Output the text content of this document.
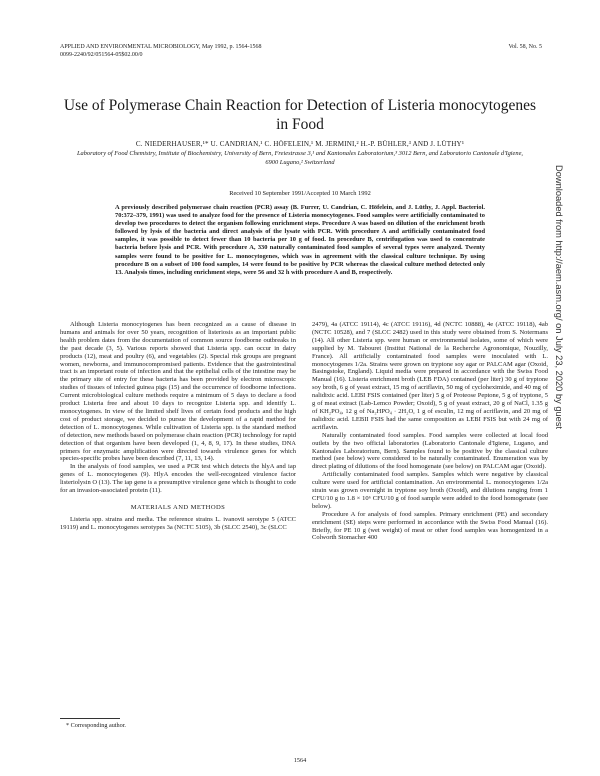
APPLIED AND ENVIRONMENTAL MICROBIOLOGY, May 1992, p. 1564-1568
0099-2240/92/051564-05$02.00/0
Vol. 58, No. 5
Use of Polymerase Chain Reaction for Detection of Listeria monocytogenes in Food
C. NIEDERHAUSER,¹* U. CANDRIAN,¹ C. HÖFELEIN,¹ M. JERMINI,² H.-P. BÜHLER,³ AND J. LÜTHY¹
Laboratory of Food Chemistry, Institute of Biochemistry, University of Bern, Freiestrasse 3,¹ and Kantonales Laboratorium,³ 3012 Bern, and Laboratorio Cantonale d'Igiene, 6900 Lugano,² Switzerland
Received 10 September 1991/Accepted 10 March 1992
A previously described polymerase chain reaction (PCR) assay (B. Furrer, U. Candrian, C. Höfelein, and J. Lüthy, J. Appl. Bacteriol. 70:372–379, 1991) was used to analyze food for the presence of Listeria monocytogenes. Food samples were artificially contaminated to develop two procedures to detect the organism following enrichment steps. Procedure A was based on dilution of the enrichment broth followed by lysis of the bacteria and direct analysis of the lysate with PCR. With procedure A and artificially contaminated food samples, it was possible to detect fewer than 10 bacteria per 10 g of food. In procedure B, centrifugation was used to concentrate bacteria before lysis and PCR. With procedure A, 330 naturally contaminated food samples of several types were analyzed. Twenty samples were found to be positive for L. monocytogenes, which was in agreement with the classical culture technique. By using procedure B on a subset of 100 food samples, 14 were found to be positive by PCR whereas the classical culture method detected only 13. Analysis times, including enrichment steps, were 56 and 32 h with procedure A and B, respectively.

Although Listeria monocytogenes has been recognized as a cause of disease in humans and animals for over 50 years, recognition of listeriosis as an important public health problem dates from the documentation of common source foodborne outbreaks in the past decade (3, 5). Various reports showed that Listeria spp. can occur in dairy products (12), meat and poultry (6), and vegetables (2). Special risk groups are pregnant women, newborns, and immunocompromised patients. Evidence that the gastrointestinal tract is an important route of infection and that the epithelial cells of the intestine may be the primary site of entry for these bacteria has been provided by electron microscopic studies of tissues of infected guinea pigs (15) and the occurrence of foodborne infections. Current microbiological culture methods require a minimum of 5 days to declare a food product Listeria free and about 10 days to recognize Listeria spp. and identify L. monocytogenes. In view of the limited shelf lives of certain food products and the high cost of product storage, we decided to pursue the development of a rapid method for detection of L. monocytogenes. While cultivation of Listeria spp. is the standard method of detection, new methods based on polymerase chain reaction (PCR) technology for rapid detection of that organism have been developed (1, 4, 8, 9, 17). In these studies, DNA primers for enzymatic amplification were directed towards virulence genes for which species-specific probes have been described (7, 11, 13, 14).

In the analysis of food samples, we used a PCR test which detects the hlyA and iap genes of L. monocytogenes (9). HlyA encodes the well-recognized virulence factor listeriolysin O (13). The iap gene is a presumptive virulence gene which is thought to code for an invasion-associated protein (11).

MATERIALS AND METHODS

Listeria spp. strains and media. The reference strains L. ivanovii serotype 5 (ATCC 19119) and L. monocytogenes serotypes 3a (NCTC 5105), 3b (SLCC 2540), 3c (SLCC

2479), 4a (ATCC 19114), 4c (ATCC 19116), 4d (NCTC 10888), 4e (ATCC 19118), 4ab (NCTC 10528), and 7 (SLCC 2482) used in this study were obtained from S. Notermans (14). All other Listeria spp. were human or environmental isolates, some of which were supplied by M. Tabouret (Institut National de la Recherche Agronomique, Nouzilly, France). All artificially contaminated food samples were inoculated with L. monocytogenes 1/2a. Strains were grown on tryptone soy agar or PALCAM agar (Oxoid, Basingstoke, England). Liquid media were prepared in accordance with the Swiss Food Manual (16). Listeria enrichment broth (LEB FDA) contained (per liter) 30 g of tryptone soy broth, 6 g of yeast extract, 15 mg of acriflavin, 50 mg of cycloheximide, and 40 mg of nalidixic acid. LEBI FSIS contained (per liter) 5 g of Proteose Peptone, 5 g of tryptone, 5 g of meat extract (Lab-Lemco Powder; Oxoid), 5 g of yeast extract, 20 g of NaCl, 1.35 g of KH₂PO₄, 12 g of Na₂HPO₄ · 2H₂O, 1 g of esculin, 12 mg of acriflavin, and 20 mg of nalidixic acid. LEBII FSIS had the same composition as LEBI FSIS but with 24 mg of acriflavin.

Naturally contaminated food samples. Food samples were collected at local food outlets by the two official laboratories (Laboratorio Cantonale d'Igiene, Lugano, and Kantonales Laboratorium, Bern). Samples found to be positive by the classical culture method (see below) were considered to be naturally contaminated. Enumeration was by direct plating of dilutions of the food homogenate (see below) on PALCAM agar (Oxoid).

Artificially contaminated food samples. Samples which were negative by classical culture were used for artificial contamination. An environmental L. monocytogenes 1/2a strain was grown overnight in tryptone soy broth (Oxoid), and dilutions ranging from 1 CFU/10 g to 1.8 × 10⁶ CFU/10 g of food sample were added to the food homogenate (see below).

Procedure A for analysis of food samples. Primary enrichment (PE) and secondary enrichment (SE) steps were performed in accordance with the Swiss Food Manual (16). Briefly, for PE 10 g (wet weight) of meat or other food samples was homogenized in a Colworth Stomacher 400

* Corresponding author.
1564
Downloaded from http://aem.asm.org/ on July 23, 2020 by guest
